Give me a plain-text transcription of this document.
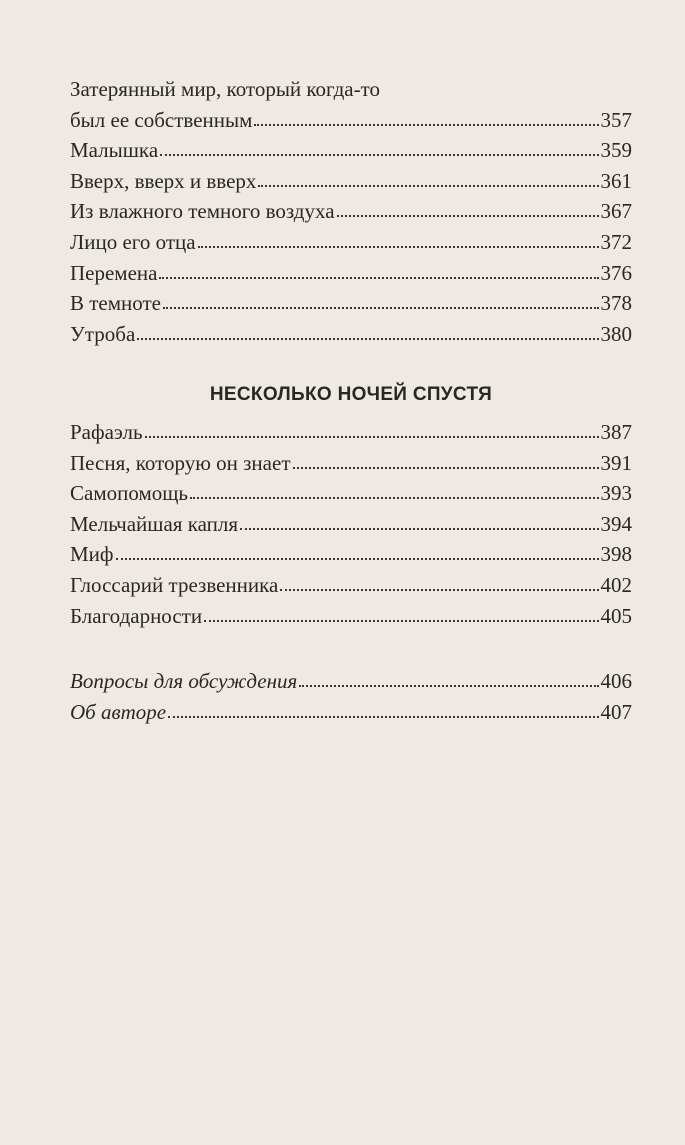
Затерянный мир, который когда-то
был ее собственным	357
Малышка	359
Вверх, вверх и вверх	361
Из влажного темного воздуха	367
Лицо его отца	372
Перемена	376
В темноте	378
Утроба	380
НЕСКОЛЬКО НОЧЕЙ СПУСТЯ
Рафаэль	387
Песня, которую он знает	391
Самопомощь	393
Мельчайшая капля	394
Миф	398
Глоссарий трезвенника	402
Благодарности	405
Вопросы для обсуждения	406
Об авторе	407
